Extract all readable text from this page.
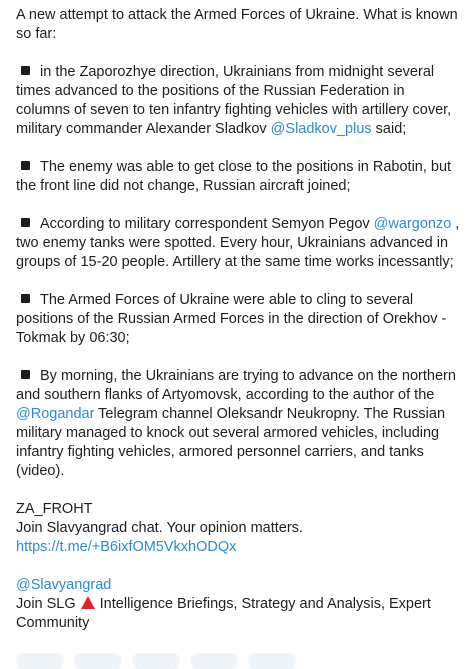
A new attempt to attack the Armed Forces of Ukraine. What is known so far:

in the Zaporozhye direction, Ukrainians from midnight several times advanced to the positions of the Russian Federation in columns of seven to ten infantry fighting vehicles with artillery cover, military commander Alexander Sladkov @Sladkov_plus said;

The enemy was able to get close to the positions in Rabotin, but the front line did not change, Russian aircraft joined;

According to military correspondent Semyon Pegov @wargonzo , two enemy tanks were spotted. Every hour, Ukrainians advanced in groups of 15-20 people. Artillery at the same time works incessantly;

The Armed Forces of Ukraine were able to cling to several positions of the Russian Armed Forces in the direction of Orekhov - Tokmak by 06:30;

By morning, the Ukrainians are trying to advance on the northern and southern flanks of Artyomovsk, according to the author of the @Rogandar Telegram channel Oleksandr Neukropny. The Russian military managed to knock out several armored vehicles, including infantry fighting vehicles, armored personnel carriers, and tanks (video).

ZA_FROHT

Join Slavyangrad chat. Your opinion matters.

https://t.me/+B6ixfOM5VkxhODQx

@Slavyangrad

Join SLG Intelligence Briefings, Strategy and Analysis, Expert Community
